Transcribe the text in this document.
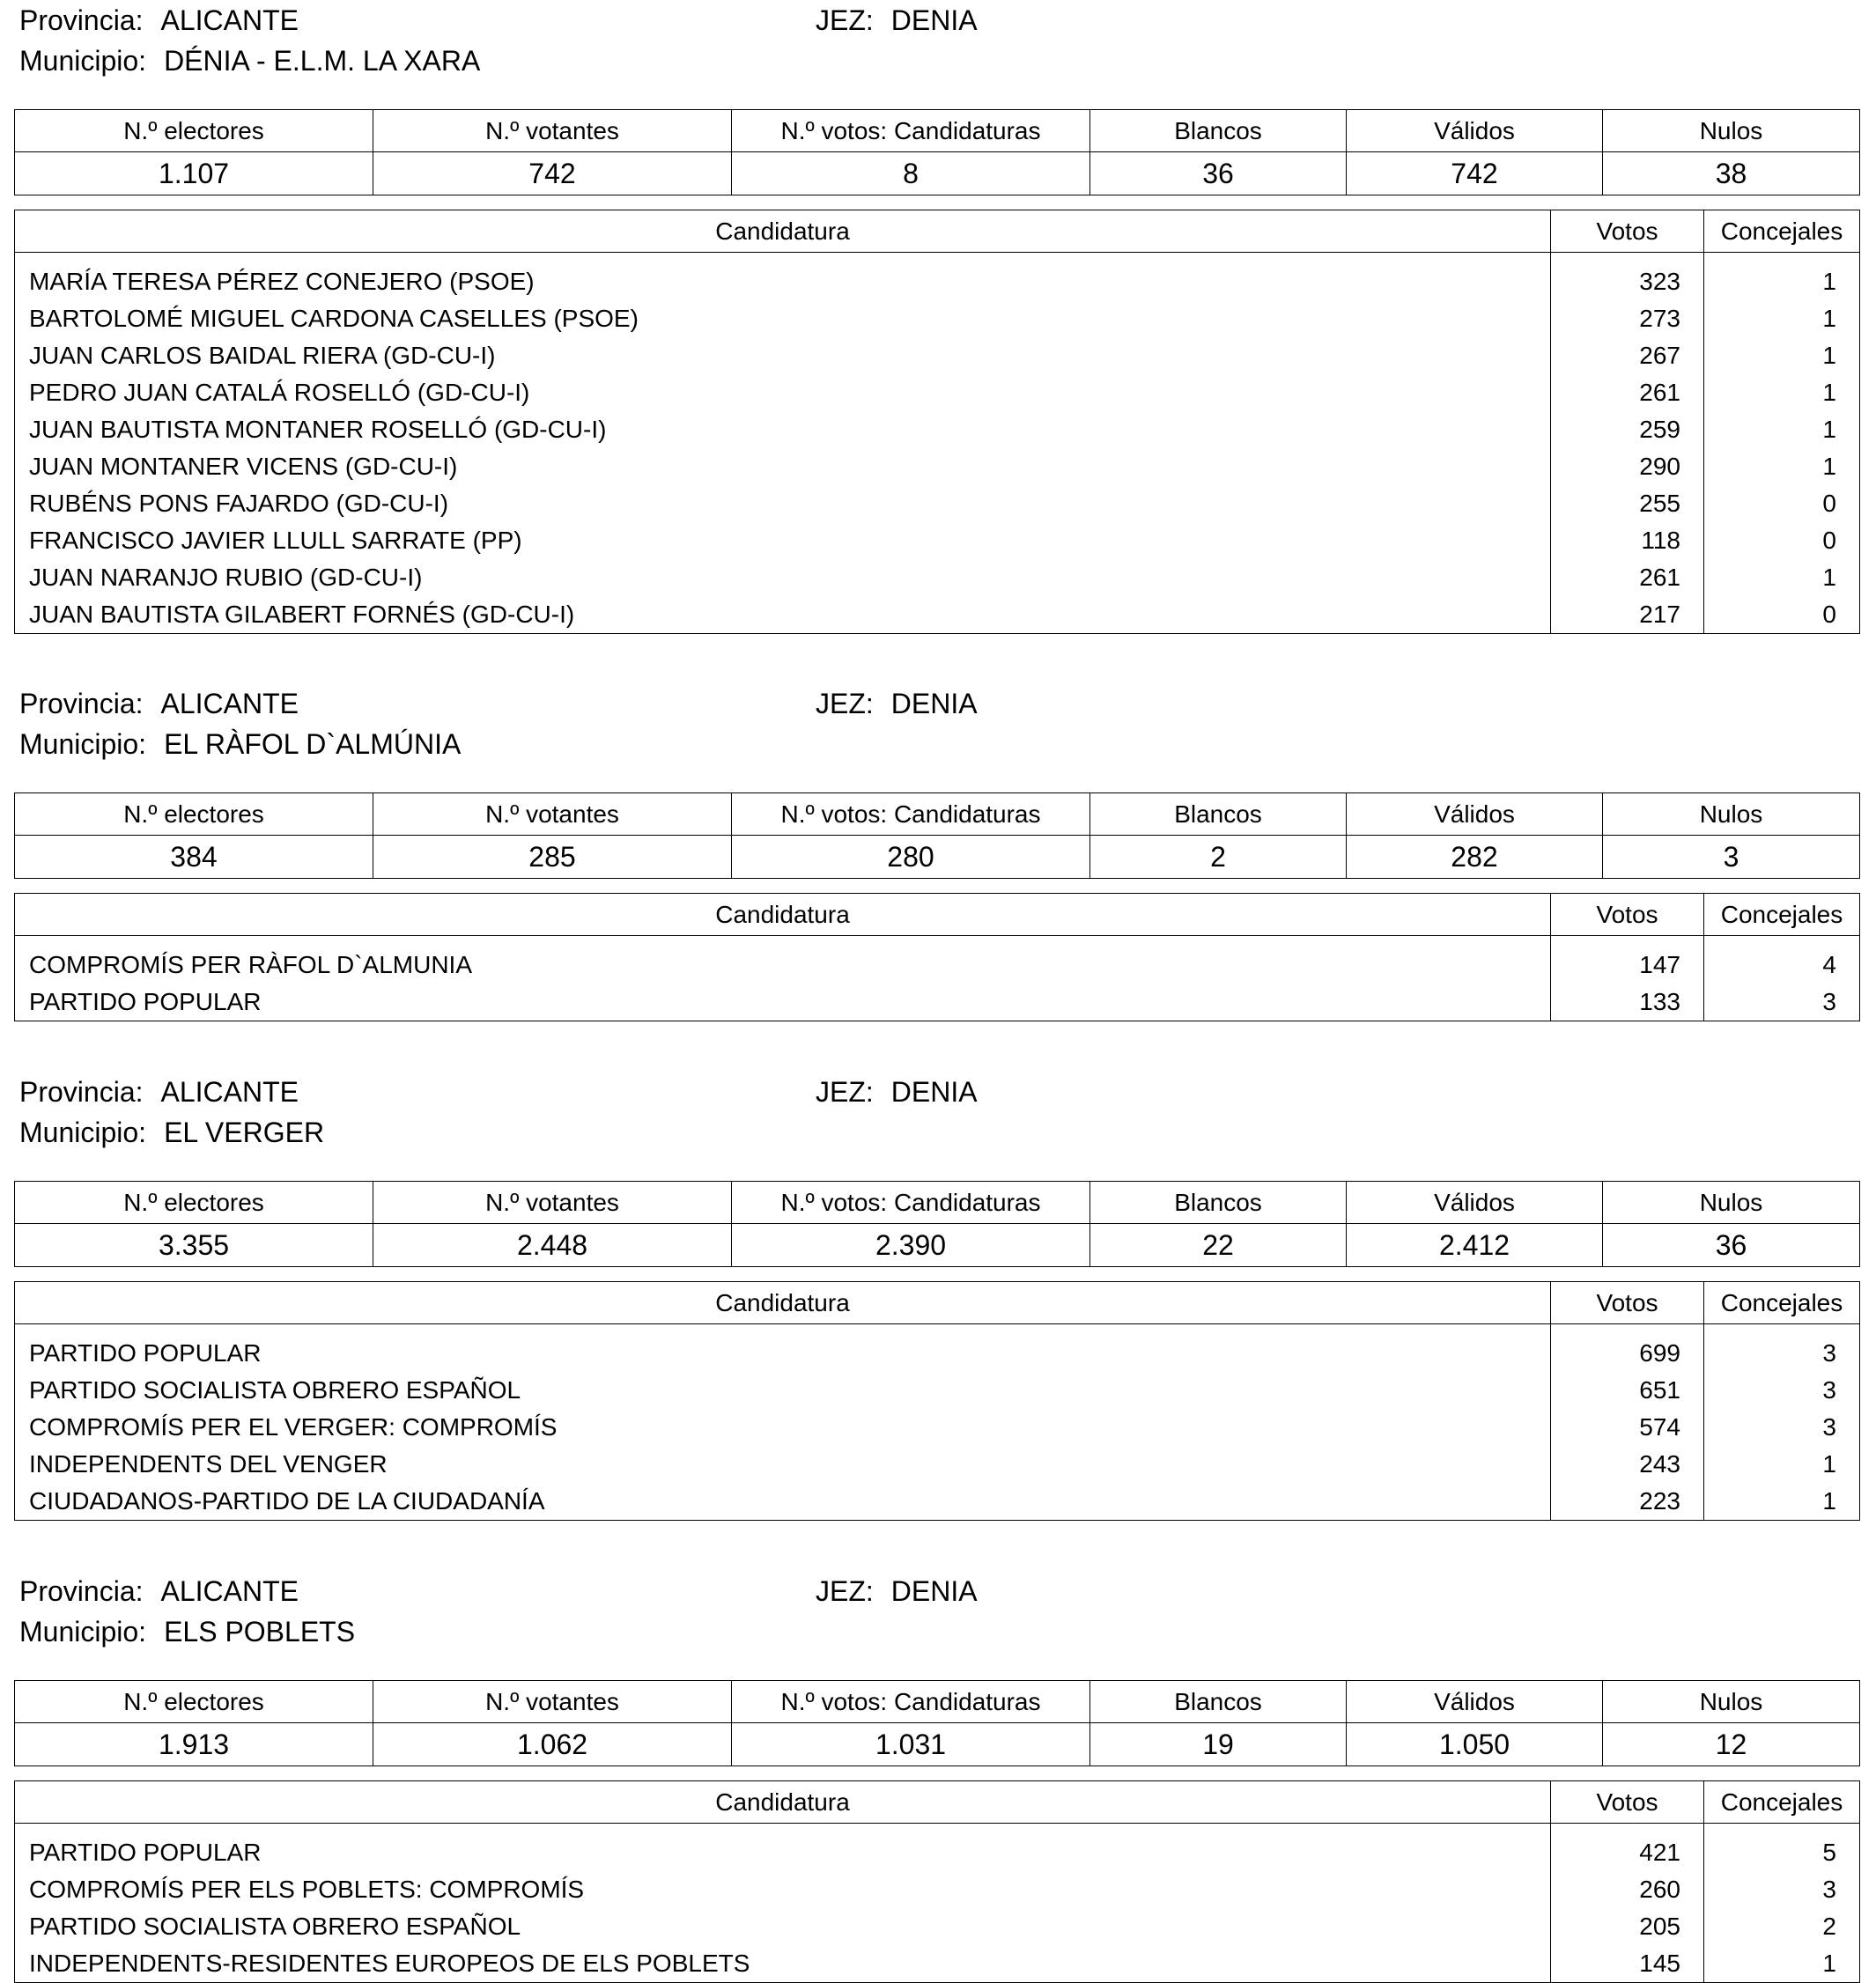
Provincia: ALICANTE	JEZ: DENIA
Municipio: DÉNIA - E.L.M. LA XARA
N.º electores	N.º votantes	N.º votos: Candidaturas	Blancos	Válidos	Nulos
1.107	742	8	36	742	38
Candidatura	Votos	Concejales
MARÍA TERESA PÉREZ CONEJERO (PSOE)	323	1
BARTOLOMÉ MIGUEL CARDONA CASELLES (PSOE)	273	1
JUAN CARLOS BAIDAL RIERA (GD-CU-I)	267	1
PEDRO JUAN CATALÁ ROSELLÓ (GD-CU-I)	261	1
JUAN BAUTISTA MONTANER ROSELLÓ (GD-CU-I)	259	1
JUAN MONTANER VICENS (GD-CU-I)	290	1
RUBÉNS PONS FAJARDO (GD-CU-I)	255	0
FRANCISCO JAVIER LLULL SARRATE (PP)	118	0
JUAN NARANJO RUBIO (GD-CU-I)	261	1
JUAN BAUTISTA GILABERT FORNÉS (GD-CU-I)	217	0
Provincia: ALICANTE	JEZ: DENIA
Municipio: EL RÀFOL D`ALMÚNIA
N.º electores	N.º votantes	N.º votos: Candidaturas	Blancos	Válidos	Nulos
384	285	280	2	282	3
Candidatura	Votos	Concejales
COMPROMÍS PER RÀFOL D`ALMUNIA	147	4
PARTIDO POPULAR	133	3
Provincia: ALICANTE	JEZ: DENIA
Municipio: EL VERGER
N.º electores	N.º votantes	N.º votos: Candidaturas	Blancos	Válidos	Nulos
3.355	2.448	2.390	22	2.412	36
Candidatura	Votos	Concejales
PARTIDO POPULAR	699	3
PARTIDO SOCIALISTA OBRERO ESPAÑOL	651	3
COMPROMÍS PER EL VERGER: COMPROMÍS	574	3
INDEPENDENTS DEL VENGER	243	1
CIUDADANOS-PARTIDO DE LA CIUDADANÍA	223	1
Provincia: ALICANTE	JEZ: DENIA
Municipio: ELS POBLETS
N.º electores	N.º votantes	N.º votos: Candidaturas	Blancos	Válidos	Nulos
1.913	1.062	1.031	19	1.050	12
Candidatura	Votos	Concejales
PARTIDO POPULAR	421	5
COMPROMÍS PER ELS POBLETS: COMPROMÍS	260	3
PARTIDO SOCIALISTA OBRERO ESPAÑOL	205	2
INDEPENDENTS-RESIDENTES EUROPEOS DE ELS POBLETS	145	1
